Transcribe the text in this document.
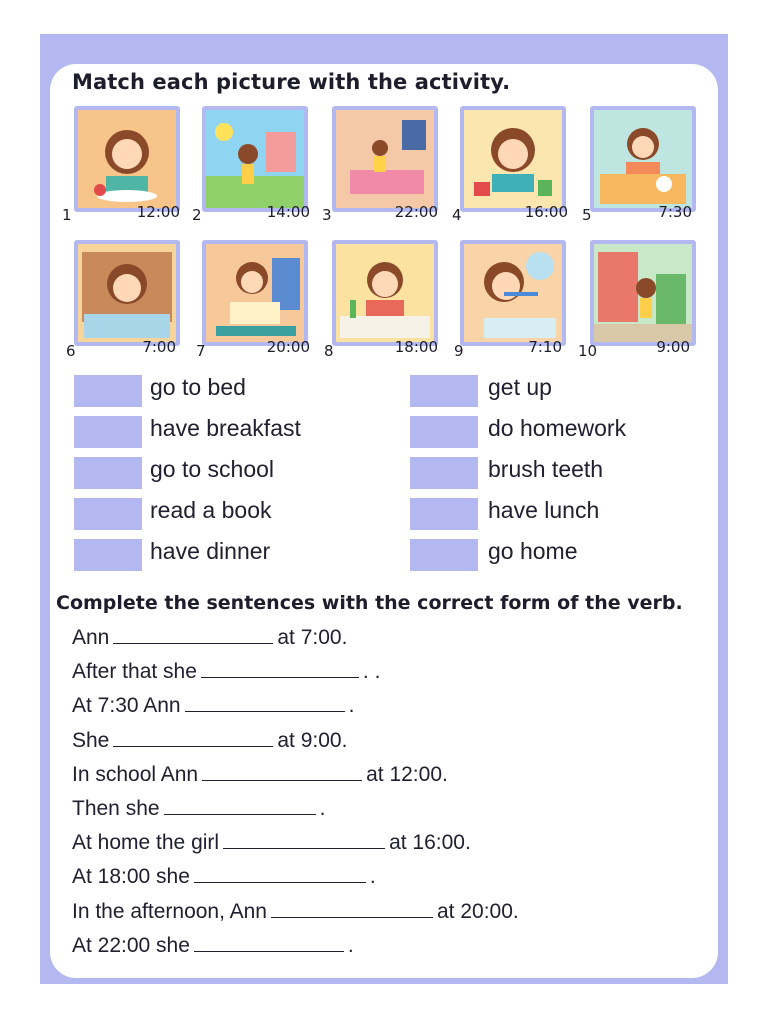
Match each picture with the activity.
1	12:00 2	14:00 3	22:00 4	16:00 5	7:30
6	7:00 7	20:00 8	18:00 9	7:10 10	9:00
go to bed	get up
have breakfast	do homework
go to school	brush teeth
read a book	have lunch
have dinner	go home
Complete the sentences with the correct form of the verb.
Ann	at 7:00.
After that she	. .
At 7:30 Ann	.
She	at 9:00.
In school Ann	at 12:00.
Then she	.
At home the girl	at 16:00.
At 18:00 she	.
In the afternoon, Ann	at 20:00.
At 22:00 she	.
